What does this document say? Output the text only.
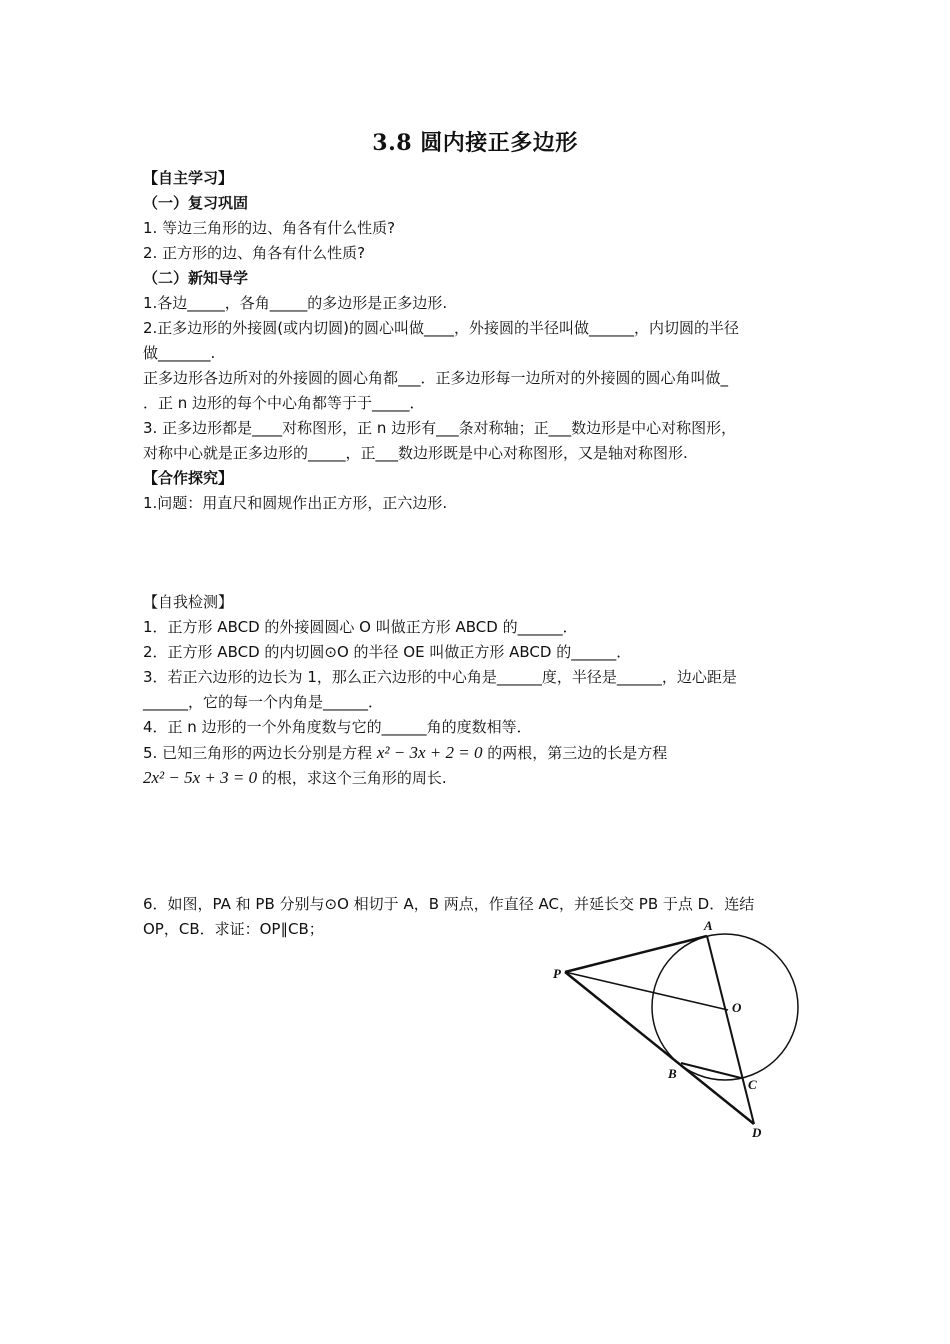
3.8 圆内接正多边形
【自主学习】
（一）复习巩固
1. 等边三角形的边、角各有什么性质?
2. 正方形的边、角各有什么性质?
（二）新知导学
1.各边_____，各角_____的多边形是正多边形.
2.正多边形的外接圆(或内切圆)的圆心叫做____，外接圆的半径叫做______，内切圆的半径
做_______.
正多边形各边所对的外接圆的圆心角都___．正多边形每一边所对的外接圆的圆心角叫做_
．正 n 边形的每个中心角都等于于_____．
3. 正多边形都是____对称图形，正 n 边形有___条对称轴；正___数边形是中心对称图形，
对称中心就是正多边形的_____，正___数边形既是中心对称图形，又是轴对称图形.
【合作探究】
1.问题：用直尺和圆规作出正方形，正六边形.
【自我检测】
1．正方形 ABCD 的外接圆圆心 O 叫做正方形 ABCD 的______．
2．正方形 ABCD 的内切圆⊙O 的半径 OE 叫做正方形 ABCD 的______．
3．若正六边形的边长为 1，那么正六边形的中心角是______度，半径是______，边心距是
______，它的每一个内角是______．
4．正 n 边形的一个外角度数与它的______角的度数相等．
5. 已知三角形的两边长分别是方程 x² − 3x + 2 = 0 的两根，第三边的长是方程
2x² − 5x + 3 = 0 的根，求这个三角形的周长.
6．如图，PA 和 PB 分别与⊙O 相切于 A，B 两点，作直径 AC，并延长交 PB 于点 D．连结
OP，CB．求证：OP∥CB；	A
P
O
B
C
D
